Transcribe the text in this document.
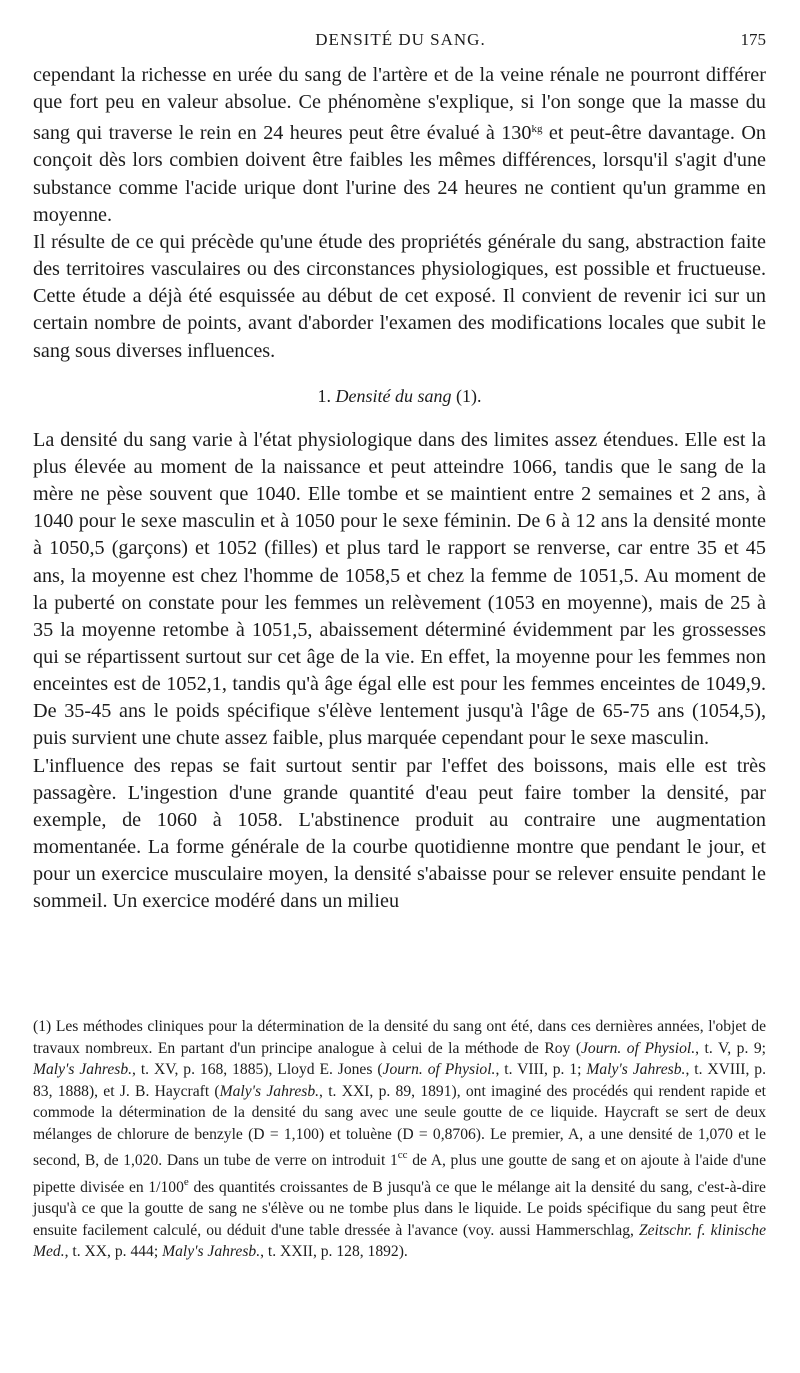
DENSITÉ DU SANG.	175

cependant la richesse en urée du sang de l'artère et de la veine rénale ne pourront différer que fort peu en valeur absolue. Ce phénomène s'explique, si l'on songe que la masse du sang qui traverse le rein en 24 heures peut être évalué à $130^{kg}$ et peut-être davantage. On conçoit dès lors combien doivent être faibles les mêmes différences, lorsqu'il s'agit d'une substance comme l'acide urique dont l'urine des 24 heures ne contient qu'un gramme en moyenne.

Il résulte de ce qui précède qu'une étude des propriétés générale du sang, abstraction faite des territoires vasculaires ou des circonstances physiologiques, est possible et fructueuse. Cette étude a déjà été esquissée au début de cet exposé. Il convient de revenir ici sur un certain nombre de points, avant d'aborder l'examen des modifications locales que subit le sang sous diverses influences.

1. Densité du sang (1).

La densité du sang varie à l'état physiologique dans des limites assez étendues. Elle est la plus élevée au moment de la naissance et peut atteindre 1066, tandis que le sang de la mère ne pèse souvent que 1040. Elle tombe et se maintient entre 2 semaines et 2 ans, à 1040 pour le sexe masculin et à 1050 pour le sexe féminin. De 6 à 12 ans la densité monte à 1050,5 (garçons) et 1052 (filles) et plus tard le rapport se renverse, car entre 35 et 45 ans, la moyenne est chez l'homme de 1058,5 et chez la femme de 1051,5. Au moment de la puberté on constate pour les femmes un relèvement (1053 en moyenne), mais de 25 à 35 la moyenne retombe à 1051,5, abaissement déterminé évidemment par les grossesses qui se répartissent surtout sur cet âge de la vie. En effet, la moyenne pour les femmes non enceintes est de 1052,1, tandis qu'à âge égal elle est pour les femmes enceintes de 1049,9. De 35-45 ans le poids spécifique s'élève lentement jusqu'à l'âge de 65-75 ans (1054,5), puis survient une chute assez faible, plus marquée cependant pour le sexe masculin.

L'influence des repas se fait surtout sentir par l'effet des boissons, mais elle est très passagère. L'ingestion d'une grande quantité d'eau peut faire tomber la densité, par exemple, de 1060 à 1058. L'abstinence produit au contraire une augmentation momentanée. La forme générale de la courbe quotidienne montre que pendant le jour, et pour un exercice musculaire moyen, la densité s'abaisse pour se relever ensuite pendant le sommeil. Un exercice modéré dans un milieu

(1) Les méthodes cliniques pour la détermination de la densité du sang ont été, dans ces dernières années, l'objet de travaux nombreux. En partant d'un principe analogue à celui de la méthode de Roy (Journ. of Physiol., t. V, p. 9; Maly's Jahresb., t. XV, p. 168, 1885), Lloyd E. Jones (Journ. of Physiol., t. VIII, p. 1; Maly's Jahresb., t. XVIII, p. 83, 1888), et J. B. Haycraft (Maly's Jahresb., t. XXI, p. 89, 1891), ont imaginé des procédés qui rendent rapide et commode la détermination de la densité du sang avec une seule goutte de ce liquide. Haycraft se sert de deux mélanges de chlorure de benzyle (D = 1,100) et toluène (D = 0,8706). Le premier, A, a une densité de 1,070 et le second, B, de 1,020. Dans un tube de verre on introduit $1^{cc}$ de A, plus une goutte de sang et on ajoute à l'aide d'une pipette divisée en 1/100e des quantités croissantes de B jusqu'à ce que le mélange ait la densité du sang, c'est-à-dire jusqu'à ce que la goutte de sang ne s'élève ou ne tombe plus dans le liquide. Le poids spécifique du sang peut être ensuite facilement calculé, ou déduit d'une table dressée à l'avance (voy. aussi Hammerschlag, Zeitschr. f. klinische Med., t. XX, p. 444; Maly's Jahresb., t. XXII, p. 128, 1892).
